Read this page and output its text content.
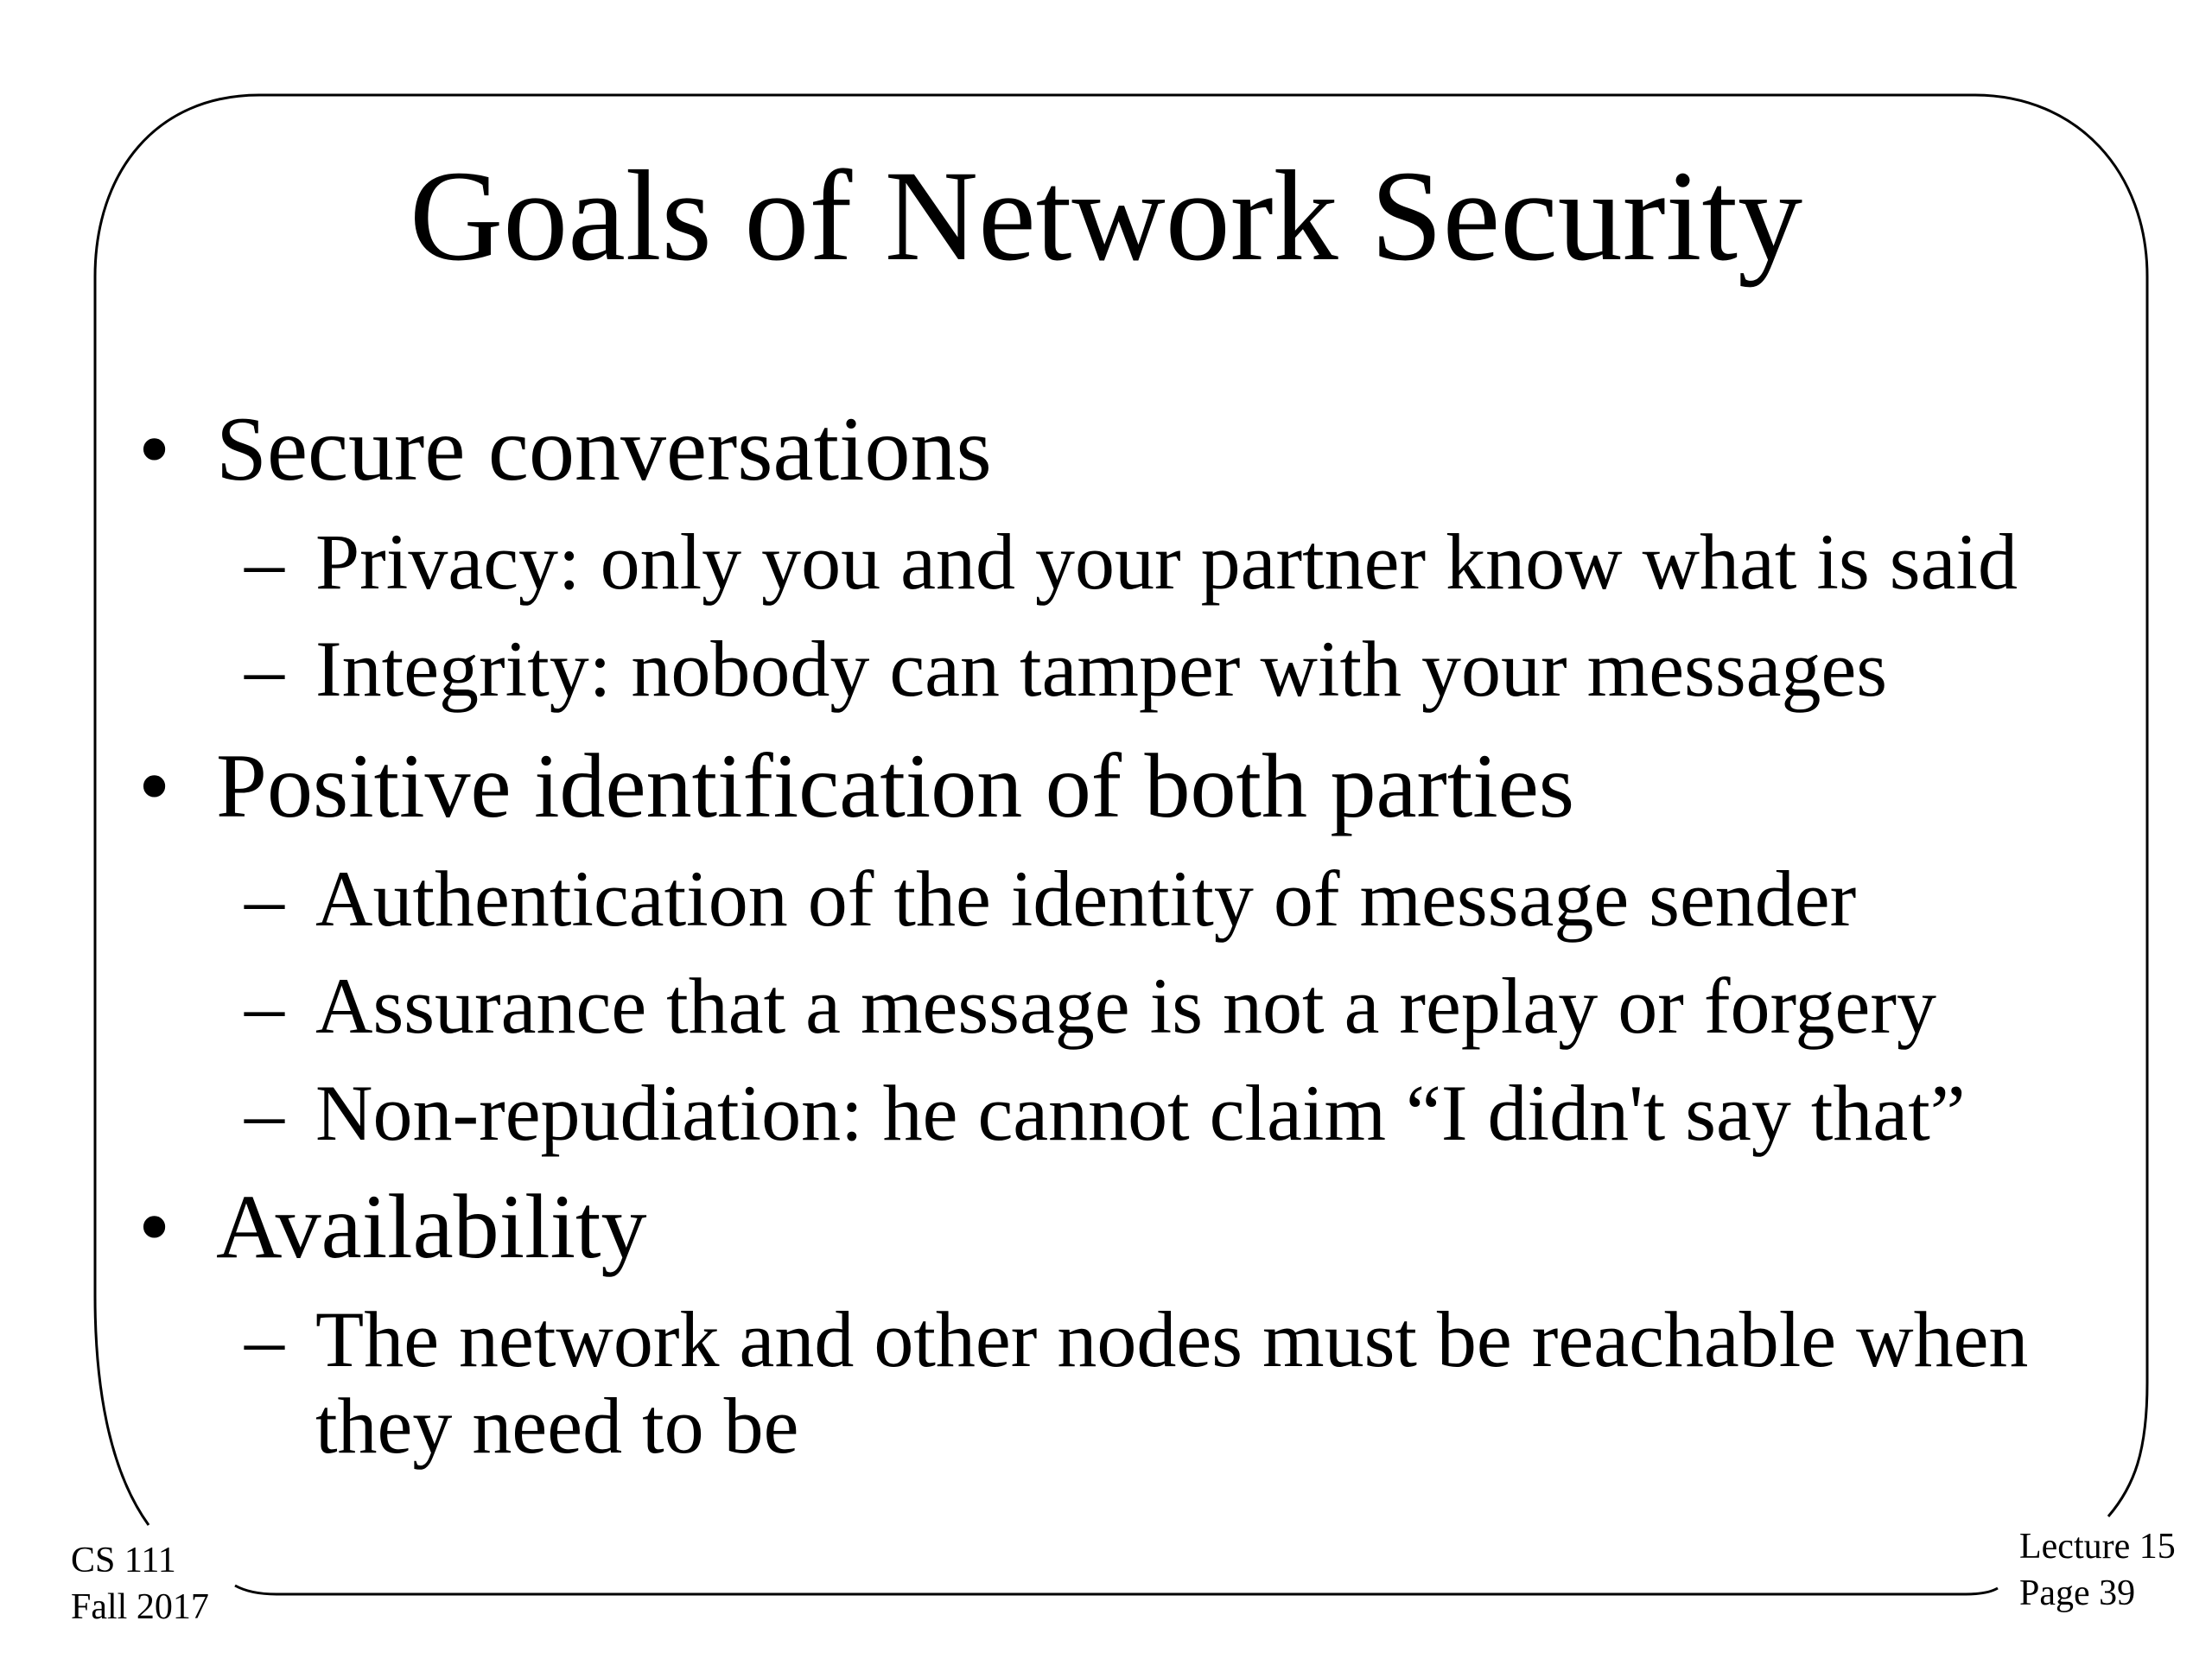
Goals of Network Security
• Secure conversations
– Privacy: only you and your partner know what is said
– Integrity: nobody can tamper with your messages
• Positive identification of both parties
– Authentication of the identity of message sender
– Assurance that a message is not a replay or forgery
– Non-repudiation: he cannot claim “I didn't say that”
• Availability
– The network and other nodes must be reachable when
they need to be
CS 111
Fall 2017
Lecture 15
Page 39
